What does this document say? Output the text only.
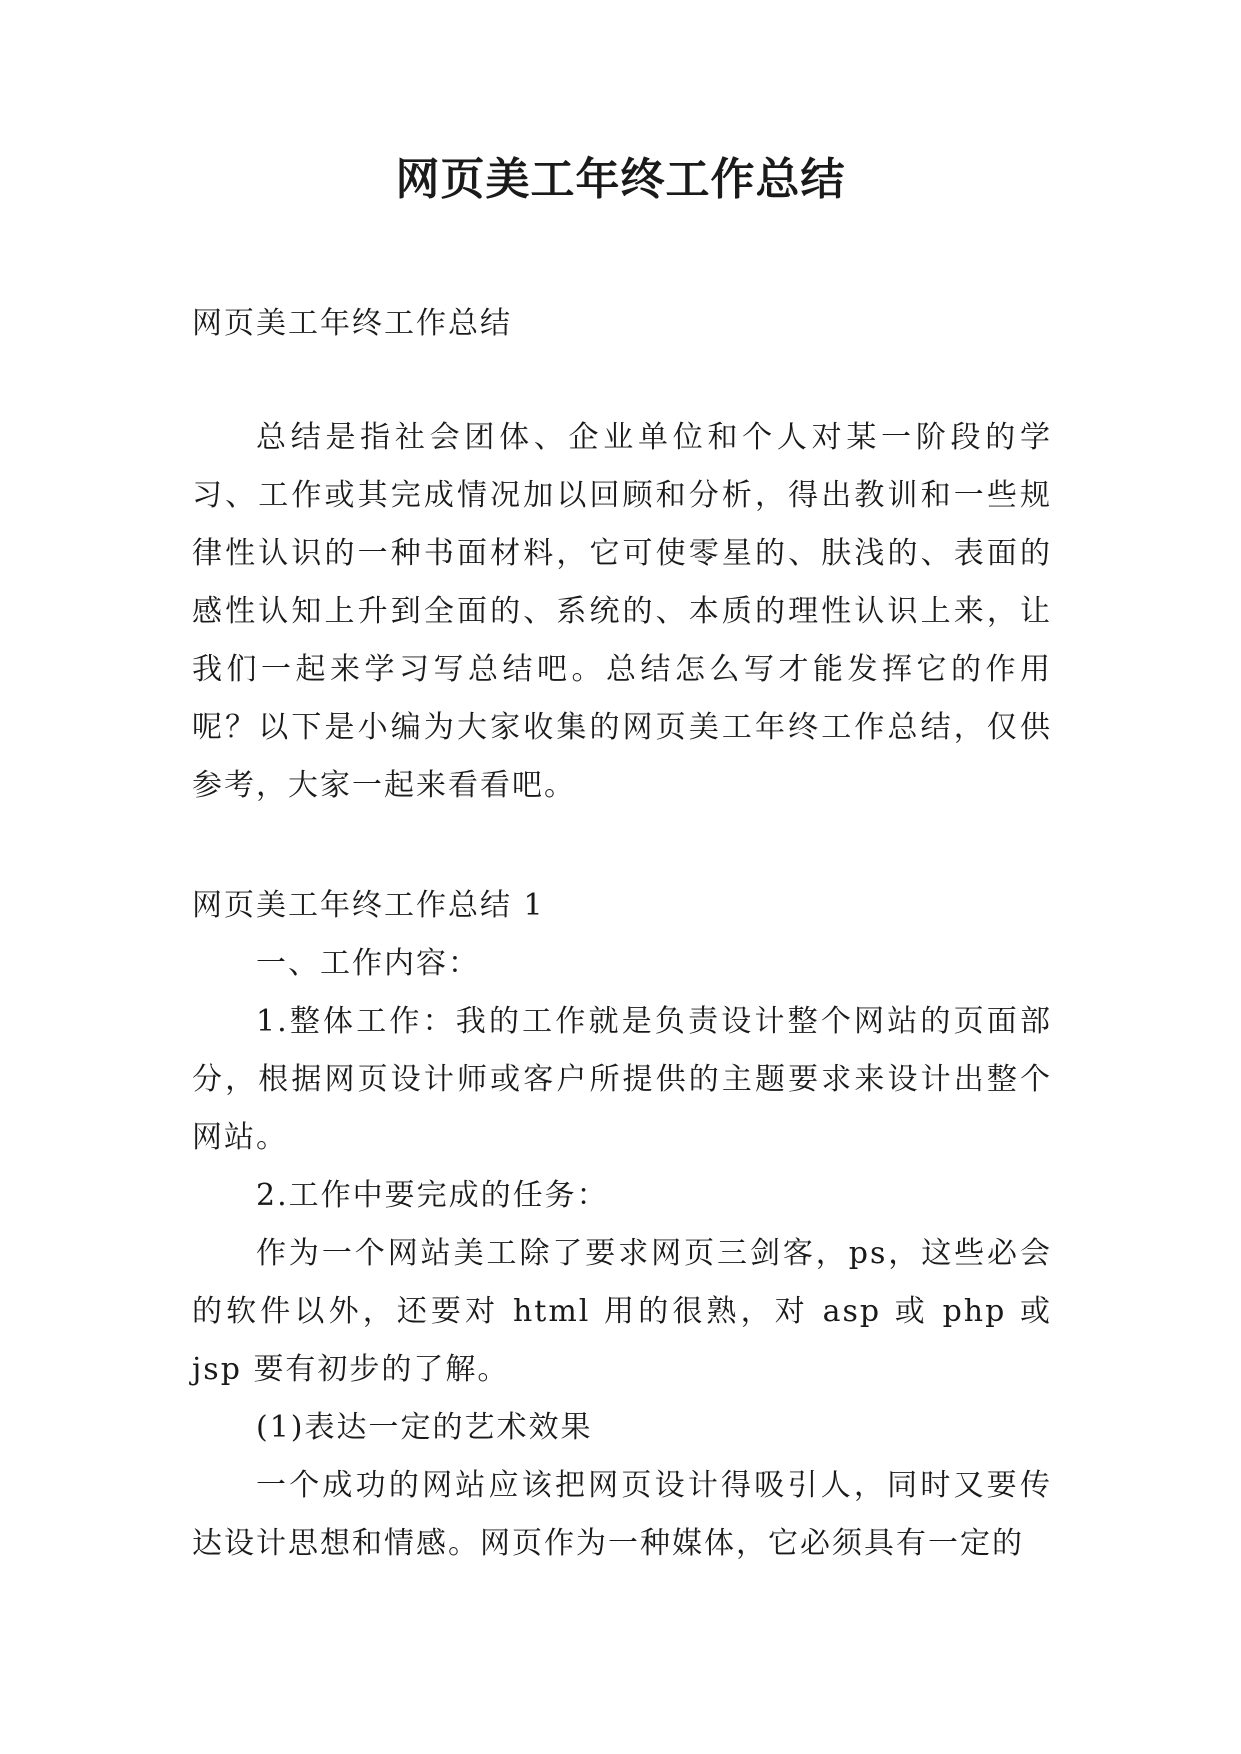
网页美工年终工作总结

网页美工年终工作总结

总结是指社会团体、企业单位和个人对某一阶段的学习、工作或其完成情况加以回顾和分析，得出教训和一些规律性认识的一种书面材料，它可使零星的、肤浅的、表面的感性认知上升到全面的、系统的、本质的理性认识上来，让我们一起来学习写总结吧。总结怎么写才能发挥它的作用呢？以下是小编为大家收集的网页美工年终工作总结，仅供参考，大家一起来看看吧。

网页美工年终工作总结 1

一、工作内容：

1.整体工作：我的工作就是负责设计整个网站的页面部分，根据网页设计师或客户所提供的主题要求来设计出整个网站。

2.工作中要完成的任务：

作为一个网站美工除了要求网页三剑客，ps，这些必会的软件以外，还要对 html 用的很熟，对 asp 或 php 或 jsp 要有初步的了解。

(1)表达一定的艺术效果

一个成功的网站应该把网页设计得吸引人，同时又要传达设计思想和情感。网页作为一种媒体，它必须具有一定的
